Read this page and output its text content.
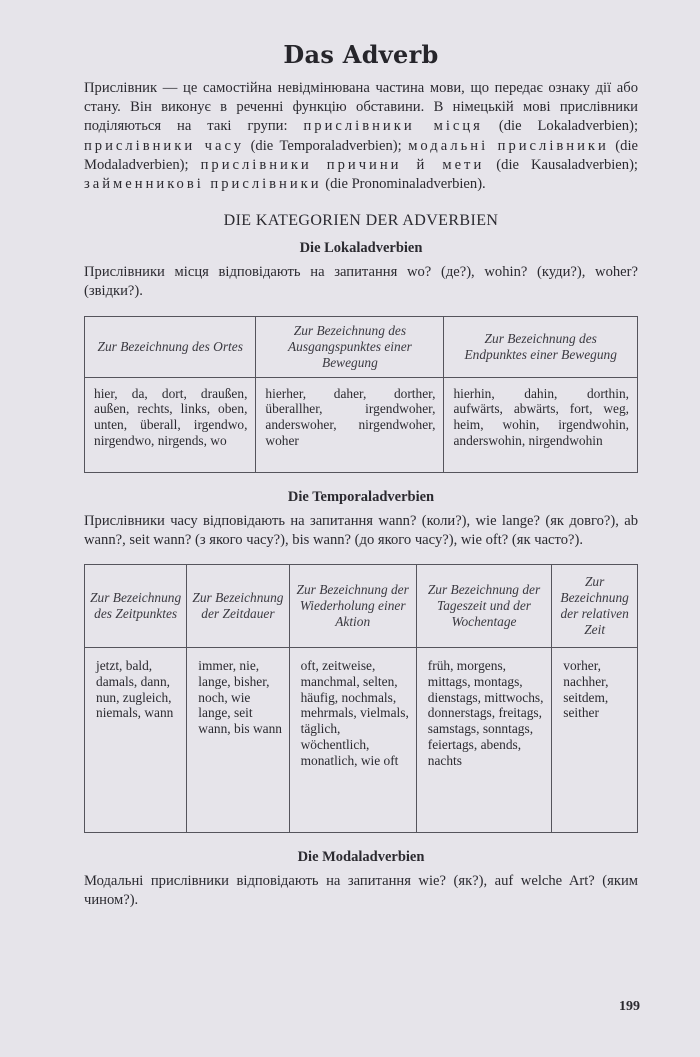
Das Adverb

Прислівник — це самостійна невідмінювана частина мови, що передає ознаку дії або стану. Він виконує в реченні функцію обставини. В німецькій мові прислівники поділяються на такі групи: прислівники місця (die Lokaladverbien); прислівники часу (die Temporaladverbien); модальні прислівники (die Modaladverbien); прислівники причини й мети (die Kausaladverbien); займенникові прислівники (die Pronominaladverbien).

DIE KATEGORIEN DER ADVERBIEN
Die Lokaladverbien

Прислівники місця відповідають на запитання wo? (де?), wohin? (куди?), woher? (звідки?).

Zur Bezeichnung des Ortes	Zur Bezeichnung des Ausgangspunktes einer Bewegung	Zur Bezeichnung des Endpunktes einer Bewegung
hier, da, dort, draußen, außen, rechts, links, oben, unten, überall, irgendwo, nirgendwo, nirgends, wo	hierher, daher, dorther, überallher, irgendwoher, anderswoher, nirgendwoher, woher	hierhin, dahin, dorthin, aufwärts, abwärts, fort, weg, heim, wohin, irgendwohin, anderswohin, nirgendwohin
Die Temporaladverbien

Прислівники часу відповідають на запитання wann? (коли?), wie lange? (як довго?), ab wann?, seit wann? (з якого часу?), bis wann? (до якого часу?), wie oft? (як часто?).

Zur Bezeichnung des Zeitpunktes	Zur Bezeichnung der Zeitdauer	Zur Bezeichnung der Wiederholung einer Aktion	Zur Bezeichnung der Tageszeit und der Wochentage	Zur Bezeichnung der relativen Zeit
jetzt, bald, damals, dann, nun, zugleich, niemals, wann	immer, nie, lange, bisher, noch, wie lange, seit wann, bis wann	oft, zeitweise, manchmal, selten, häufig, nochmals, mehrmals, vielmals, täglich, wöchentlich, monatlich, wie oft	früh, morgens, mittags, montags, dienstags, mittwochs, donnerstags, freitags, samstags, sonntags, feiertags, abends, nachts	vorher, nachher, seitdem, seither
Die Modaladverbien

Модальні прислівники відповідають на запитання wie? (як?), auf welche Art? (яким чином?).

199
